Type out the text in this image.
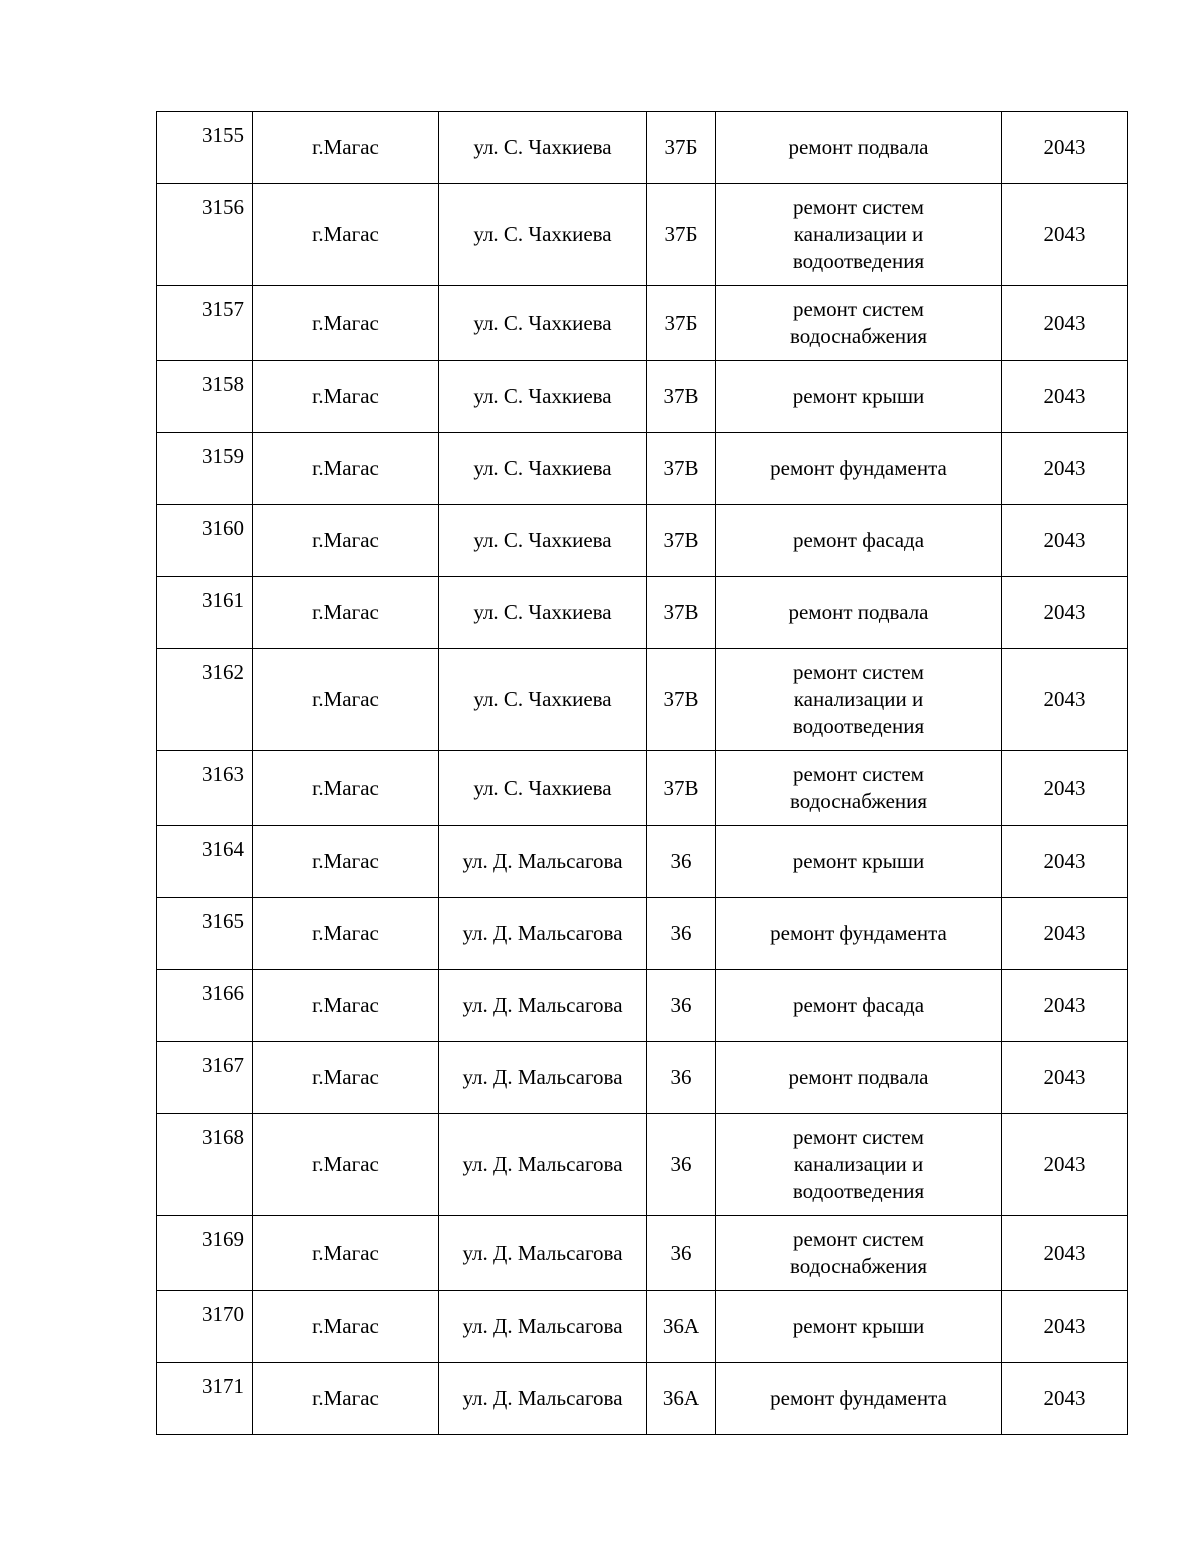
3155	г.Магас	ул. С. Чахкиева	37Б	ремонт подвала	2043
3156	г.Магас	ул. С. Чахкиева	37Б	ремонт систем
канализации и
водоотведения	2043
3157	г.Магас	ул. С. Чахкиева	37Б	ремонт систем
водоснабжения	2043
3158	г.Магас	ул. С. Чахкиева	37В	ремонт крыши	2043
3159	г.Магас	ул. С. Чахкиева	37В	ремонт фундамента	2043
3160	г.Магас	ул. С. Чахкиева	37В	ремонт фасада	2043
3161	г.Магас	ул. С. Чахкиева	37В	ремонт подвала	2043
3162	г.Магас	ул. С. Чахкиева	37В	ремонт систем
канализации и
водоотведения	2043
3163	г.Магас	ул. С. Чахкиева	37В	ремонт систем
водоснабжения	2043
3164	г.Магас	ул. Д. Мальсагова	36	ремонт крыши	2043
3165	г.Магас	ул. Д. Мальсагова	36	ремонт фундамента	2043
3166	г.Магас	ул. Д. Мальсагова	36	ремонт фасада	2043
3167	г.Магас	ул. Д. Мальсагова	36	ремонт подвала	2043
3168	г.Магас	ул. Д. Мальсагова	36	ремонт систем
канализации и
водоотведения	2043
3169	г.Магас	ул. Д. Мальсагова	36	ремонт систем
водоснабжения	2043
3170	г.Магас	ул. Д. Мальсагова	36А	ремонт крыши	2043
3171	г.Магас	ул. Д. Мальсагова	36А	ремонт фундамента	2043
